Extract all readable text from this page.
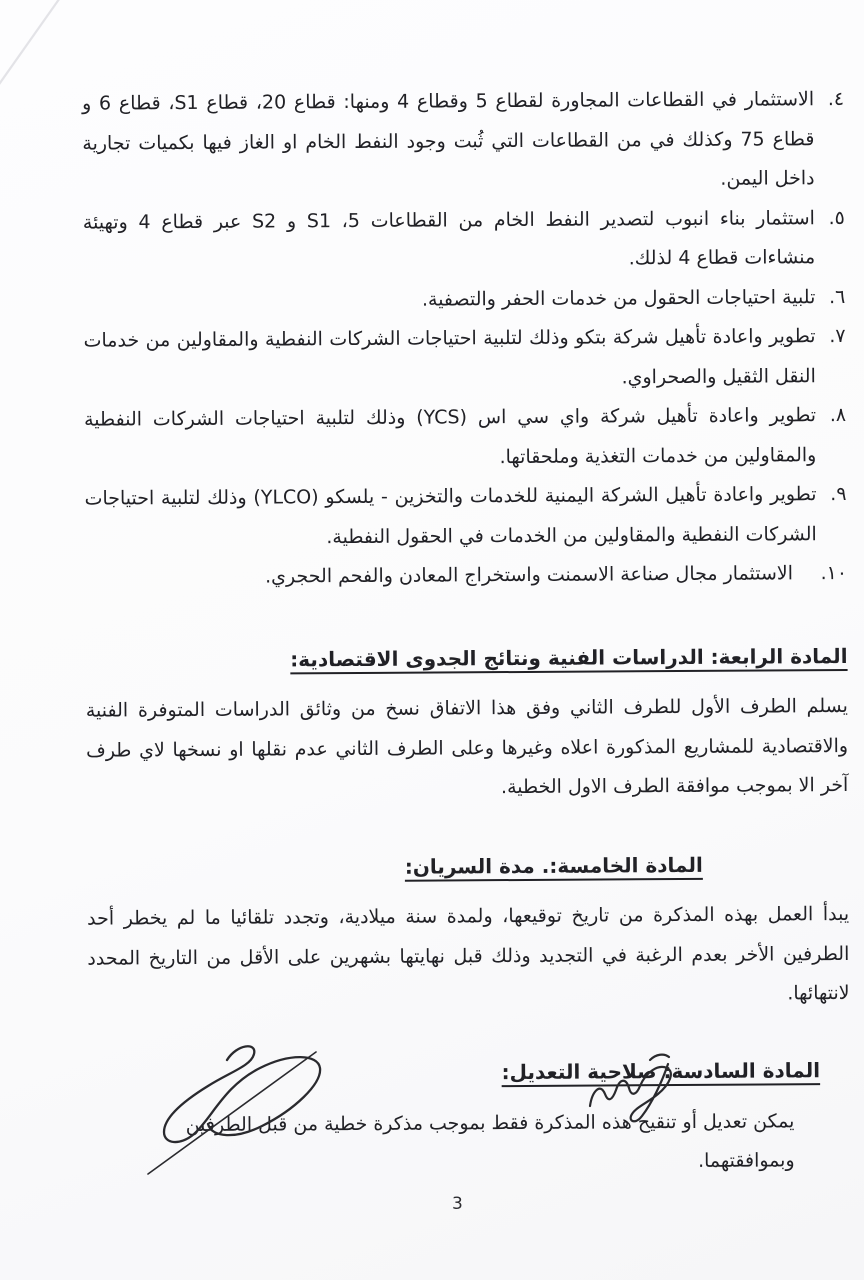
٤.
الاستثمار في القطاعات المجاورة لقطاع 5 وقطاع 4 ومنها: قطاع 20، قطاع S1، قطاع 6 و قطاع 75 وكذلك في من القطاعات التي ثُبت وجود النفط الخام او الغاز فيها بكميات تجارية داخل اليمن.
٥.
استثمار بناء انبوب لتصدير النفط الخام من القطاعات 5، S1 و S2 عبر قطاع 4 وتهيئة منشاءات قطاع 4 لذلك.
٦.
تلبية احتياجات الحقول من خدمات الحفر والتصفية.
٧.
تطوير واعادة تأهيل شركة بتكو وذلك لتلبية احتياجات الشركات النفطية والمقاولين من خدمات النقل الثقيل والصحراوي.
٨.
تطوير واعادة تأهيل شركة واي سي اس (YCS) وذلك لتلبية احتياجات الشركات النفطية والمقاولين من خدمات التغذية وملحقاتها.
٩.
تطوير واعادة تأهيل الشركة اليمنية للخدمات والتخزين - يلسكو (YLCO) وذلك لتلبية احتياجات الشركات النفطية والمقاولين من الخدمات في الحقول النفطية.
١٠.
الاستثمار مجال صناعة الاسمنت واستخراج المعادن والفحم الحجري.
المادة الرابعة: الدراسات الفنية ونتائج الجدوى الاقتصادية:
يسلم الطرف الأول للطرف الثاني وفق هذا الاتفاق نسخ من وثائق الدراسات المتوفرة الفنية والاقتصادية للمشاريع المذكورة اعلاه وغيرها وعلى الطرف الثاني عدم نقلها او نسخها لاي طرف آخر الا بموجب موافقة الطرف الاول الخطية.
المادة الخامسة:. مدة السريان:
يبدأ العمل بهذه المذكرة من تاريخ توقيعها، ولمدة سنة ميلادية، وتجدد تلقائيا ما لم يخطر أحد الطرفين الأخر بعدم الرغبة في التجديد وذلك قبل نهايتها بشهرين على الأقل من التاريخ المحدد لانتهائها.
المادة السادسة: صلاحية التعديل:
يمكن تعديل أو تنقيح هذه المذكرة فقط بموجب مذكرة خطية من قبل الطرفين وبموافقتهما.
3
